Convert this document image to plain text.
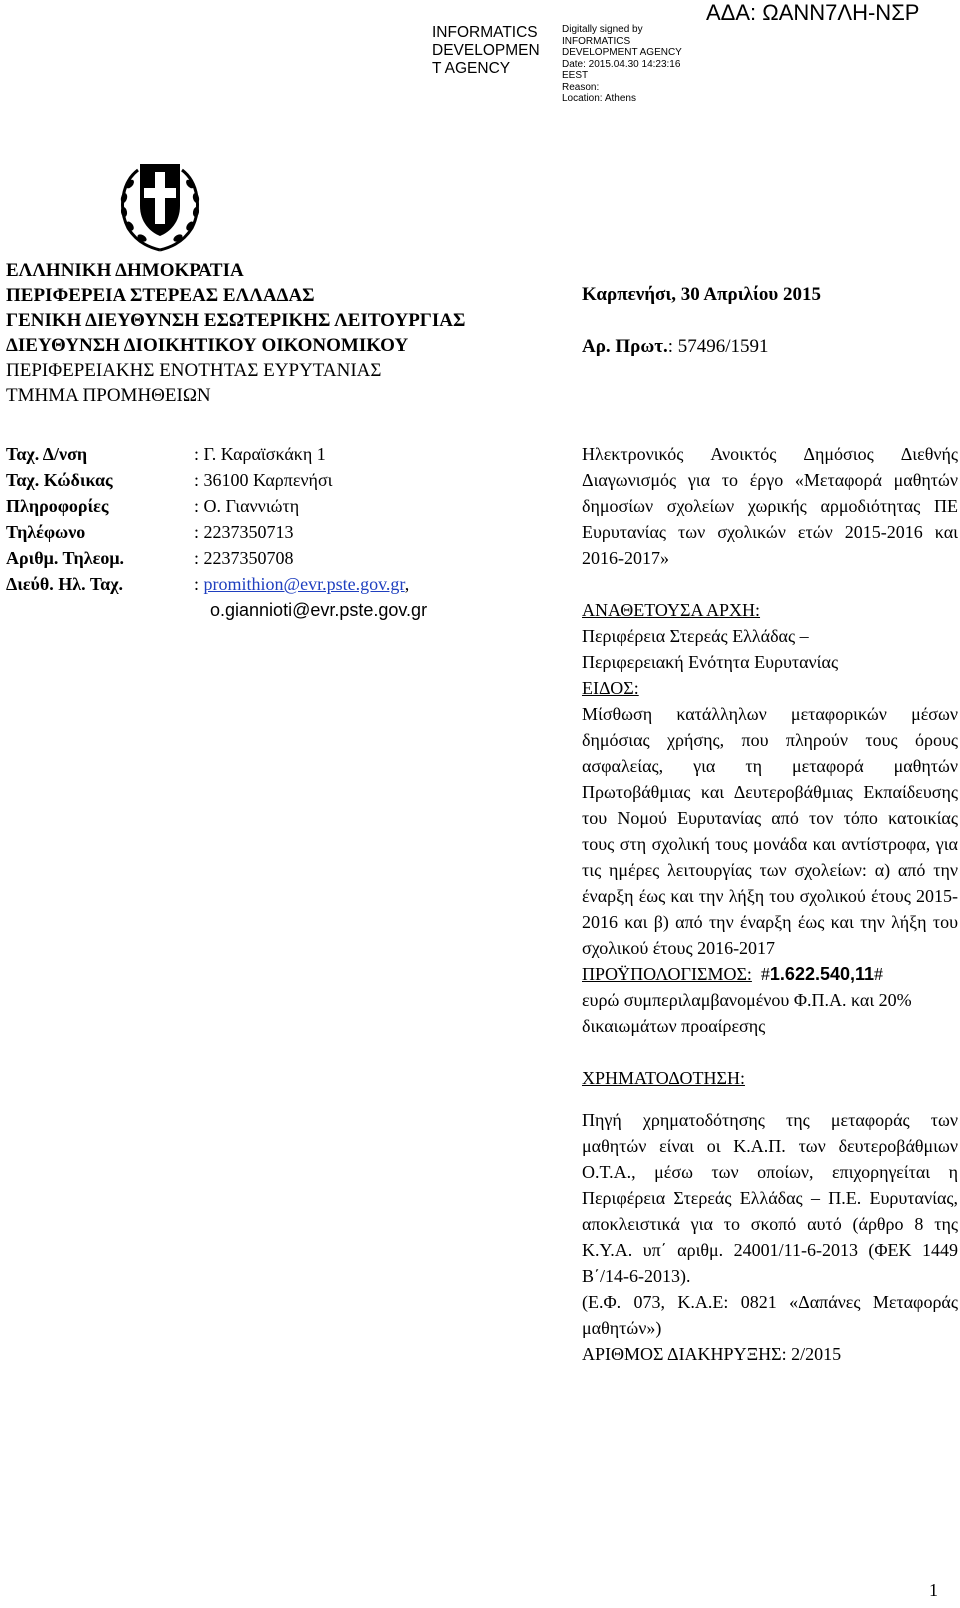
INFORMATICS DEVELOPMEN T AGENCY
Digitally signed by
INFORMATICS
DEVELOPMENT AGENCY
Date: 2015.04.30 14:23:16
EEST
Reason:
Location: Athens
ΑΔΑ: ΩΑΝΝ7ΛΗ-ΝΣΡ
ΕΛΛΗΝΙΚΗ ΔΗΜΟΚΡΑΤΙΑ
ΠΕΡΙΦΕΡΕΙΑ ΣΤΕΡΕΑΣ ΕΛΛΑΔΑΣ
ΓΕΝΙΚΗ ΔΙΕΥΘΥΝΣΗ ΕΣΩΤΕΡΙΚΗΣ ΛΕΙΤΟΥΡΓΙΑΣ
ΔΙΕΥΘΥΝΣΗ ΔΙΟΙΚΗΤΙΚΟΥ ΟΙΚΟΝΟΜΙΚΟΥ
ΠΕΡΙΦΕΡΕΙΑΚΗΣ ΕΝΟΤΗΤΑΣ ΕΥΡΥΤΑΝΙΑΣ
ΤΜΗΜΑ ΠΡΟΜΗΘΕΙΩΝ
Καρπενήσι, 30 Απριλίου 2015
Αρ. Πρωτ.: 57496/1591
Ταχ. Δ/νση	: Γ. Καραϊσκάκη 1
Ταχ. Κώδικας	: 36100 Καρπενήσι
Πληροφορίες	: Ο. Γιαννιώτη
Τηλέφωνο	: 2237350713
Αριθμ. Τηλεομ.	: 2237350708
Διεύθ. Ηλ. Ταχ.	: promithion@evr.pste.gov.gr,
o.giannioti@evr.pste.gov.gr
Ηλεκτρονικός Ανοικτός Δημόσιος Διεθνής Διαγωνισμός για το έργο «Μεταφορά μαθητών δημοσίων σχολείων χωρικής αρμοδιότητας ΠΕ Ευρυτανίας των σχολικών ετών 2015-2016 και 2016-2017»
ΑΝΑΘΕΤΟΥΣΑ ΑΡΧΗ:
Περιφέρεια Στερεάς Ελλάδας –
Περιφερειακή Ενότητα Ευρυτανίας
ΕΙΔΟΣ:
Μίσθωση κατάλληλων μεταφορικών μέσων δημόσιας χρήσης, που πληρούν τους όρους ασφαλείας, για τη μεταφορά μαθητών Πρωτοβάθμιας και Δευτεροβάθμιας Εκπαίδευσης του Νομού Ευρυτανίας από τον τόπο κατοικίας τους στη σχολική τους μονάδα και αντίστροφα, για τις ημέρες λειτουργίας των σχολείων: α) από την έναρξη έως και την λήξη του σχολικού έτους 2015-2016 και β) από την έναρξη έως και την λήξη του σχολικού έτους 2016-2017
ΠΡΟΫΠΟΛΟΓΙΣΜΟΣ: #1.622.540,11#
ευρώ συμπεριλαμβανομένου Φ.Π.Α. και 20% δικαιωμάτων προαίρεσης
ΧΡΗΜΑΤΟΔΟΤΗΣΗ:
Πηγή χρηματοδότησης της μεταφοράς των μαθητών είναι οι Κ.Α.Π. των δευτεροβάθμιων Ο.Τ.Α., μέσω των οποίων, επιχορηγείται η Περιφέρεια Στερεάς Ελλάδας – Π.Ε. Ευρυτανίας, αποκλειστικά για το σκοπό αυτό (άρθρο 8 της Κ.Υ.Α. υπ΄ αριθμ. 24001/11-6-2013 (ΦΕΚ 1449 Β΄/14-6-2013).
(Ε.Φ. 073, Κ.Α.Ε: 0821 «Δαπάνες Μεταφοράς μαθητών»)
ΑΡΙΘΜΟΣ ΔΙΑΚΗΡΥΞΗΣ: 2/2015
1
